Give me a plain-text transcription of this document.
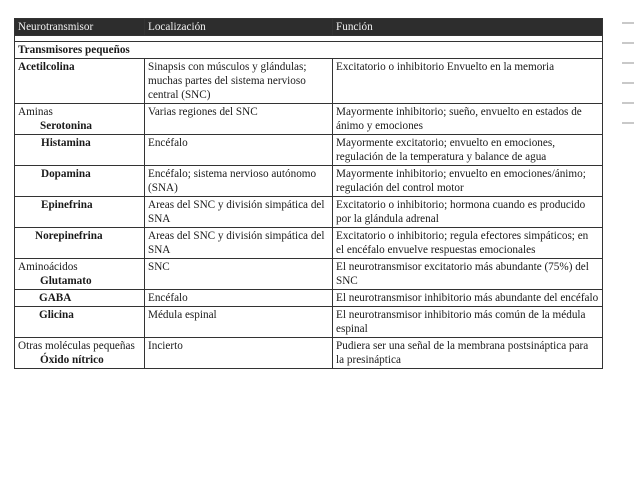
Neurotransmisor	Localización	Función

Transmisores pequeños		
Acetilcolina	Sinapsis con músculos y glándulas; muchas partes del sistema nervioso central (SNC)	Excitatorio o inhibitorio Envuelto en la memoria

Aminas
Serotonina	Varias regiones del SNC	Mayormente inhibitorio; sueño, envuelto en estados de ánimo y emociones
Histamina	Encéfalo	Mayormente excitatorio; envuelto en emociones, regulación de la temperatura y balance de agua
Dopamina	Encéfalo; sistema nervioso autónomo (SNA)	Mayormente inhibitorio; envuelto en emociones/ánimo; regulación del control motor
Epinefrina	Areas del SNC y división simpática del SNA	Excitatorio o inhibitorio; hormona cuando es producido por la glándula adrenal
Norepinefrina	Areas del SNC y división simpática del SNA	Excitatorio o inhibitorio; regula efectores simpáticos; en el encéfalo envuelve respuestas emocionales

Aminoácidos
Glutamato	SNC	El neurotransmisor excitatorio más abundante (75%) del SNC
GABA	Encéfalo	El neurotransmisor inhibitorio más abundante del encéfalo
Glicina	Médula espinal	El neurotransmisor inhibitorio más común de la médula espinal

Otras moléculas pequeñas
Óxido nítrico	Incierto	Pudiera ser una señal de la membrana postsináptica para la presináptica
